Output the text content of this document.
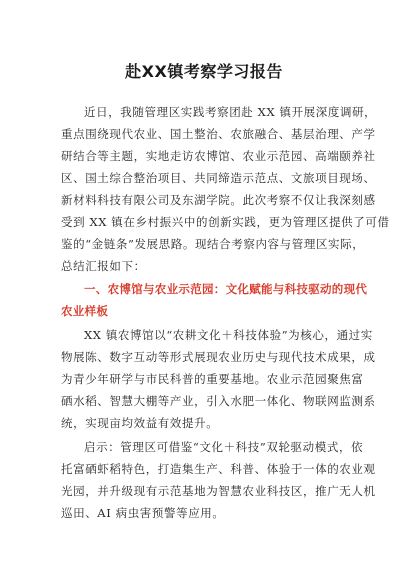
赴XX镇考察学习报告
近日，我随管理区实践考察团赴 XX 镇开展深度调研，
重点围绕现代农业、国土整治、农旅融合、基层治理、产学
研结合等主题，实地走访农博馆、农业示范园、高端颐养社
区、国土综合整治项目、共同缔造示范点、文旅项目现场、
新材料科技有限公司及东湖学院。此次考察不仅让我深刻感
受到 XX 镇在乡村振兴中的创新实践，更为管理区提供了可借
鉴的“金链条”发展思路。现结合考察内容与管理区实际，
总结汇报如下：
一、农博馆与农业示范园：文化赋能与科技驱动的现代
农业样板
XX 镇农博馆以“农耕文化＋科技体验”为核心，通过实
物展陈、数字互动等形式展现农业历史与现代技术成果，成
为青少年研学与市民科普的重要基地。农业示范园聚焦富
硒水稻、智慧大棚等产业，引入水肥一体化、物联网监测系
统，实现亩均效益有效提升。
启示：管理区可借鉴“文化＋科技”双轮驱动模式，依
托富硒虾稻特色，打造集生产、科普、体验于一体的农业观
光园，并升级现有示范基地为智慧农业科技区，推广无人机
巡田、AI 病虫害预警等应用。
